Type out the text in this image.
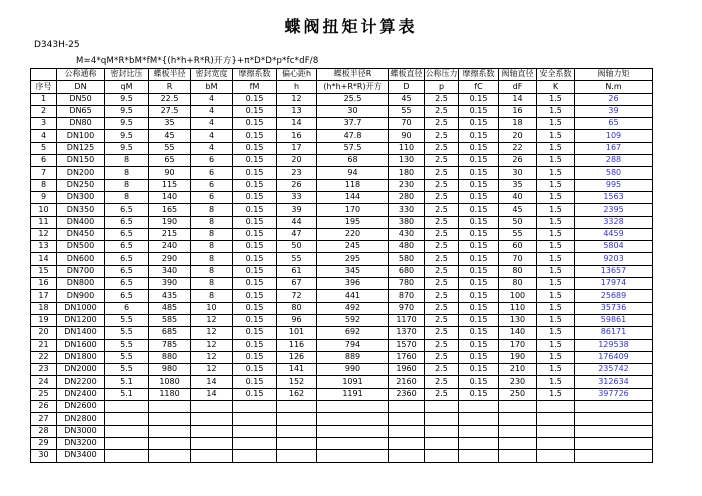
蝶阀扭矩计算表
D343H-25
M=4*qM*R*bM*fM*{(h*h+R*R)开方}+π*D*D*p*fc*dF/8
	公称通称	密封比压	蝶板半径	密封宽度	摩擦系数	偏心距h	蝶板半径R	蝶板直径	公称压力	摩擦系数	阀轴直径	安全系数	阀轴力矩
序号	DN	qM	R	bM	fM	h	(h*h+R*R)开方	D	p	fC	dF	K	N.m
1	DN50	9.5	22.5	4	0.15	12	25.5	45	2.5	0.15	14	1.5	26
2	DN65	9.5	27.5	4	0.15	13	30	55	2.5	0.15	16	1.5	39
3	DN80	9.5	35	4	0.15	14	37.7	70	2.5	0.15	18	1.5	65
4	DN100	9.5	45	4	0.15	16	47.8	90	2.5	0.15	20	1.5	109
5	DN125	9.5	55	4	0.15	17	57.5	110	2.5	0.15	22	1.5	167
6	DN150	8	65	6	0.15	20	68	130	2.5	0.15	26	1.5	288
7	DN200	8	90	6	0.15	23	94	180	2.5	0.15	30	1.5	580
8	DN250	8	115	6	0.15	26	118	230	2.5	0.15	35	1.5	995
9	DN300	8	140	6	0.15	33	144	280	2.5	0.15	40	1.5	1563
10	DN350	6.5	165	8	0.15	39	170	330	2.5	0.15	45	1.5	2395
11	DN400	6.5	190	8	0.15	44	195	380	2.5	0.15	50	1.5	3328
12	DN450	6.5	215	8	0.15	47	220	430	2.5	0.15	55	1.5	4459
13	DN500	6.5	240	8	0.15	50	245	480	2.5	0.15	60	1.5	5804
14	DN600	6.5	290	8	0.15	55	295	580	2.5	0.15	70	1.5	9203
15	DN700	6.5	340	8	0.15	61	345	680	2.5	0.15	80	1.5	13657
16	DN800	6.5	390	8	0.15	67	396	780	2.5	0.15	80	1.5	17974
17	DN900	6.5	435	8	0.15	72	441	870	2.5	0.15	100	1.5	25689
18	DN1000	6	485	10	0.15	80	492	970	2.5	0.15	110	1.5	35736
19	DN1200	5.5	585	12	0.15	96	592	1170	2.5	0.15	130	1.5	59861
20	DN1400	5.5	685	12	0.15	101	692	1370	2.5	0.15	140	1.5	86171
21	DN1600	5.5	785	12	0.15	116	794	1570	2.5	0.15	170	1.5	129538
22	DN1800	5.5	880	12	0.15	126	889	1760	2.5	0.15	190	1.5	176409
23	DN2000	5.5	980	12	0.15	141	990	1960	2.5	0.15	210	1.5	235742
24	DN2200	5.1	1080	14	0.15	152	1091	2160	2.5	0.15	230	1.5	312634
25	DN2400	5.1	1180	14	0.15	162	1191	2360	2.5	0.15	250	1.5	397726
26	DN2600												
27	DN2800												
28	DN3000												
29	DN3200												
30	DN3400												
